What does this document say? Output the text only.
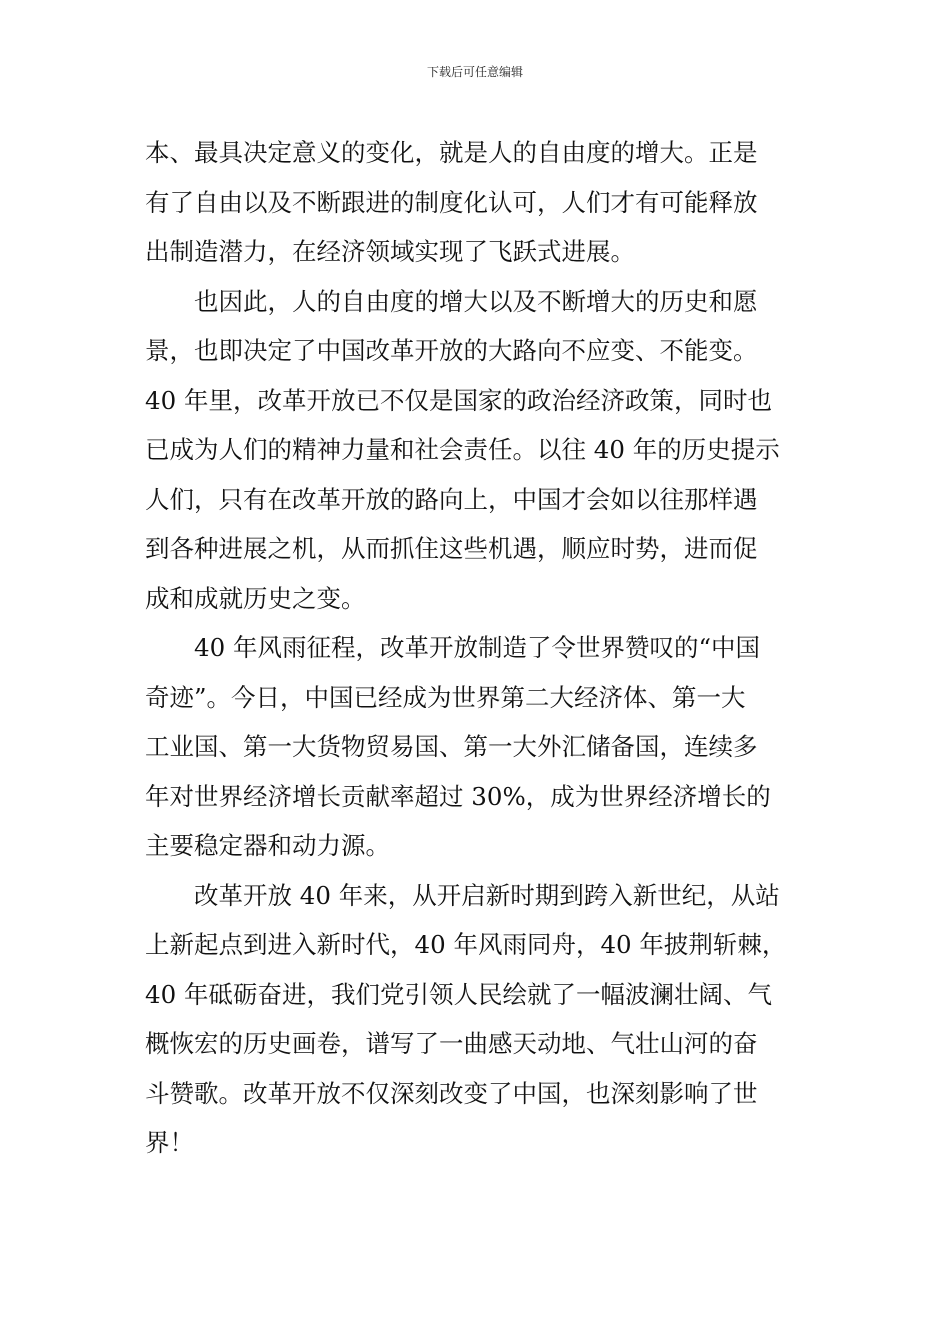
下载后可任意编辑
本、最具决定意义的变化，就是人的自由度的增大。正是
有了自由以及不断跟进的制度化认可，人们才有可能释放
出制造潜力，在经济领域实现了飞跃式进展。
也因此，人的自由度的增大以及不断增大的历史和愿
景，也即决定了中国改革开放的大路向不应变、不能变。
40 年里，改革开放已不仅是国家的政治经济政策，同时也
已成为人们的精神力量和社会责任。以往 40 年的历史提示
人们，只有在改革开放的路向上，中国才会如以往那样遇
到各种进展之机，从而抓住这些机遇，顺应时势，进而促
成和成就历史之变。
40 年风雨征程，改革开放制造了令世界赞叹的“中国
奇迹”。今日，中国已经成为世界第二大经济体、第一大
工业国、第一大货物贸易国、第一大外汇储备国，连续多
年对世界经济增长贡献率超过 30%，成为世界经济增长的
主要稳定器和动力源。
改革开放 40 年来，从开启新时期到跨入新世纪，从站
上新起点到进入新时代，40 年风雨同舟，40 年披荆斩棘，
40 年砥砺奋进，我们党引领人民绘就了一幅波澜壮阔、气
概恢宏的历史画卷，谱写了一曲感天动地、气壮山河的奋
斗赞歌。改革开放不仅深刻改变了中国，也深刻影响了世
界！
